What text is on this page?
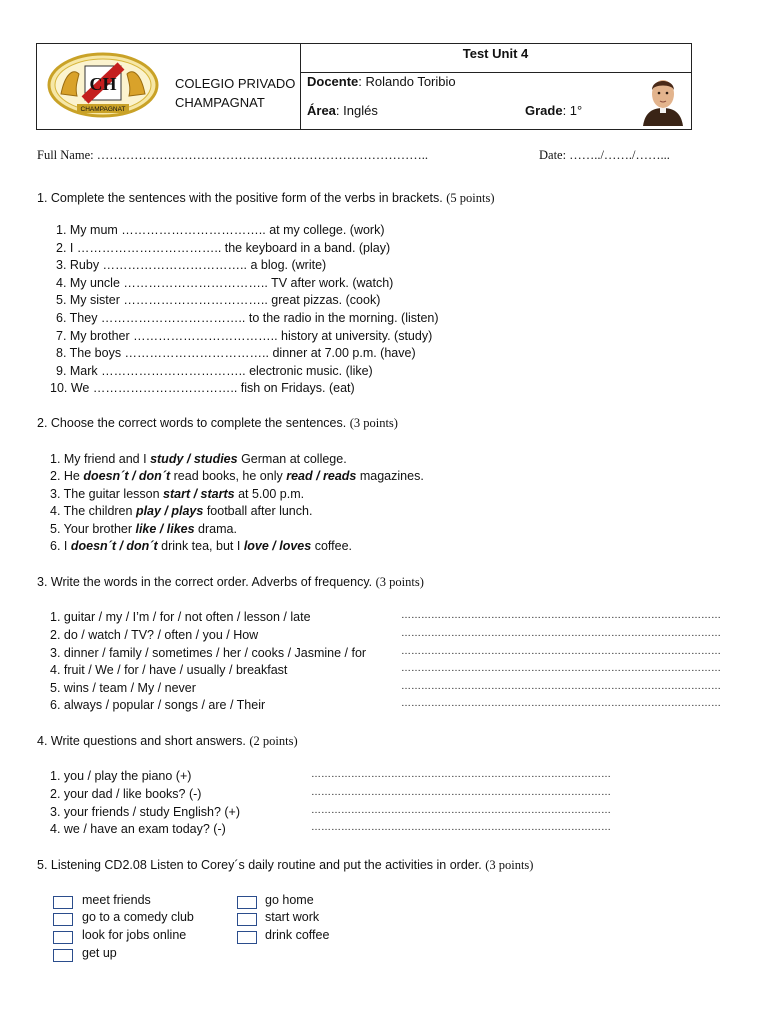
CH
CHAMPAGNAT
COLEGIO PRIVADO
CHAMPAGNAT
Test Unit 4
Docente: Rolando Toribio
Área: Inglés	Grade: 1°
Full Name: ……………………………………………………………………..	Date: ……../……./……...
1. Complete the sentences with the positive form of the verbs in brackets. (5 points)
1. My mum …………………………….. at my college. (work)
2. I …………………………….. the keyboard in a band. (play)
3. Ruby …………………………….. a blog. (write)
4. My uncle …………………………….. TV after work. (watch)
5. My sister …………………………….. great pizzas. (cook)
6. They …………………………….. to the radio in the morning. (listen)
7. My brother …………………………….. history at university. (study)
8. The boys …………………………….. dinner at 7.00 p.m. (have)
9. Mark …………………………….. electronic music. (like)
10. We …………………………….. fish on Fridays. (eat)
2. Choose the correct words to complete the sentences. (3 points)
1. My friend and I study / studies German at college.
2. He doesn´t / don´t read books, he only read / reads magazines.
3. The guitar lesson start / starts at 5.00 p.m.
4. The children play / plays football after lunch.
5. Your brother like / likes drama.
6. I doesn´t / don´t drink tea, but I love / loves coffee.
3. Write the words in the correct order. Adverbs of frequency. (3 points)
1. guitar / my / I’m / for / not often / lesson / late
2. do / watch / TV? / often / you / How
3. dinner / family / sometimes / her / cooks / Jasmine / for
4. fruit / We / for / have / usually / breakfast
5. wins / team / My / never
6. always / popular / songs / are / Their
……………………………………………………………………………………
……………………………………………………………………………………
……………………………………………………………………………………
……………………………………………………………………………………
……………………………………………………………………………………
……………………………………………………………………………………
4. Write questions and short answers. (2 points)
1. you / play the piano (+)
2. your dad / like books? (-)
3. your friends / study English? (+)
4. we / have an exam today? (-)
………………………………………………………………………………
………………………………………………………………………………
………………………………………………………………………………
………………………………………………………………………………
5. Listening CD2.08 Listen to Corey´s daily routine and put the activities in order. (3 points)
meet friends
go to a comedy club
look for jobs online
get up
go home
start work
drink coffee
